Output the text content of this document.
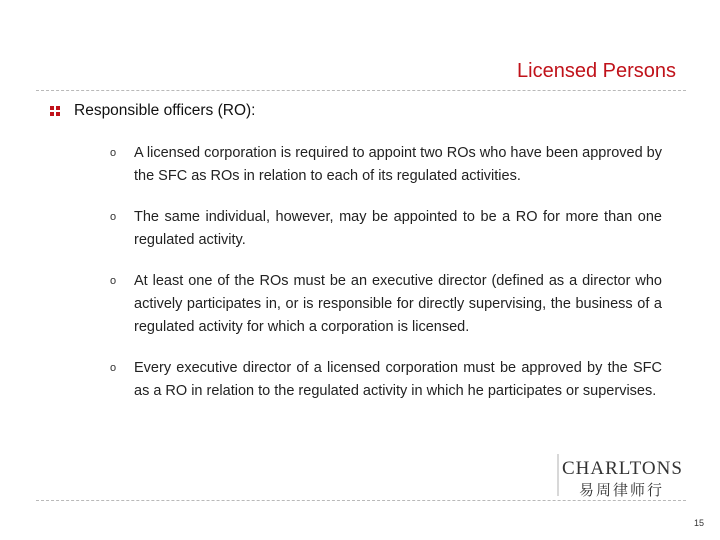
Licensed Persons
Responsible officers (RO):
o	A licensed corporation is required to appoint two ROs who have been approved by the SFC as ROs in relation to each of its regulated activities.
o	The same individual, however, may be appointed to be a RO for more than one regulated activity.
o	At least one of the ROs must be an executive director (defined as a director who actively participates in, or is responsible for directly supervising, the business of a regulated activity for which a corporation is licensed.
o	Every executive director of a licensed corporation must be approved by the SFC as a RO in relation to the regulated activity in which he participates or supervises.
CHARLTONS
易周律师行
15
